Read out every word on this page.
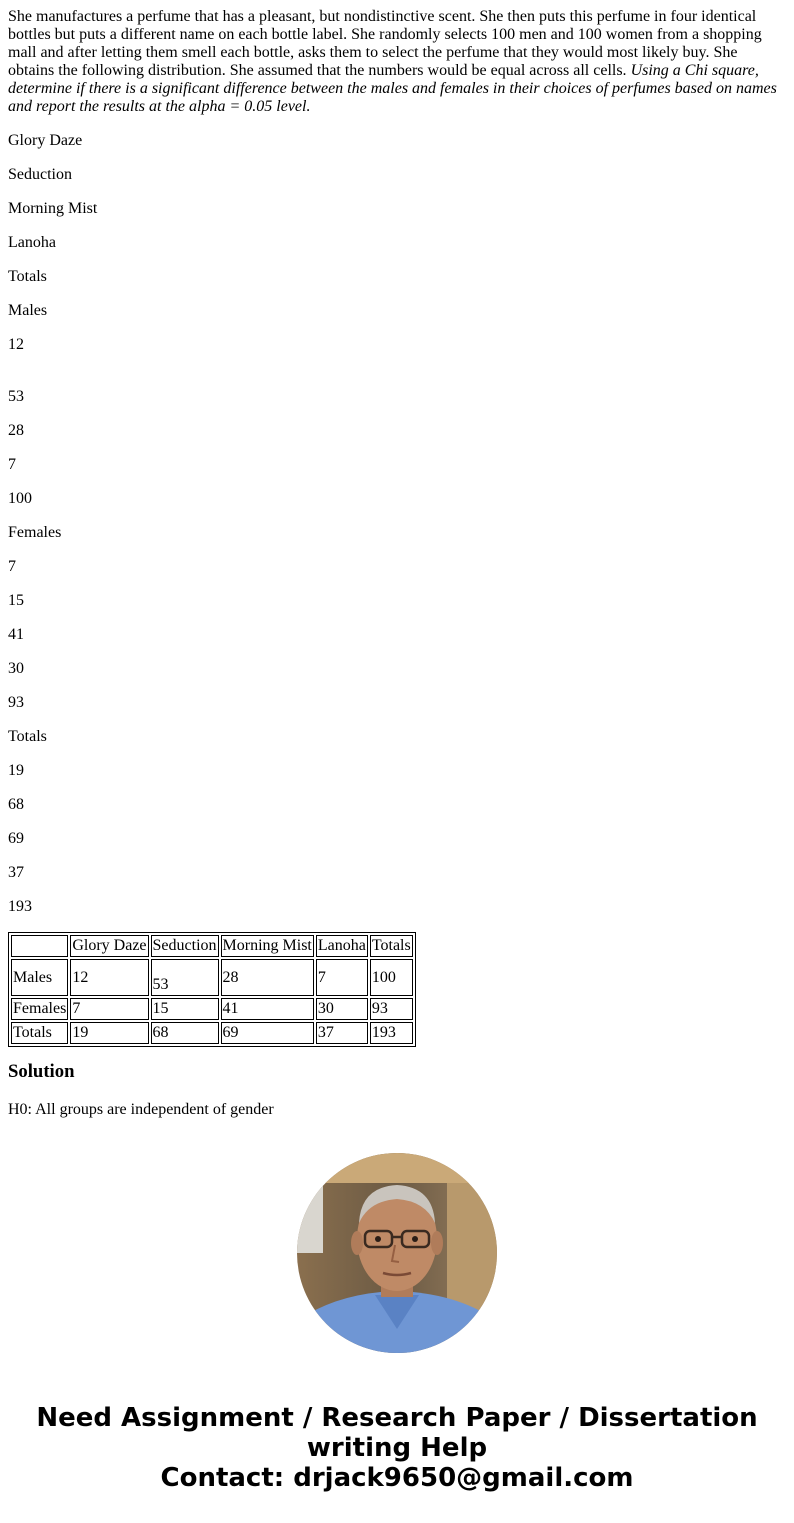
She manufactures a perfume that has a pleasant, but nondistinctive scent. She then puts this perfume in four identical bottles but puts a different name on each bottle label. She randomly selects 100 men and 100 women from a shopping mall and after letting them smell each bottle, asks them to select the perfume that they would most likely buy. She obtains the following distribution. She assumed that the numbers would be equal across all cells. Using a Chi square, determine if there is a significant difference between the males and females in their choices of perfumes based on names and report the results at the alpha = 0.05 level.

Glory Daze

Seduction

Morning Mist

Lanoha

Totals

Males

12

53

28

7

100

Females

7

15

41

30

93

Totals

19

68

69

37

193

	Glory Daze	Seduction	Morning Mist	Lanoha	Totals
Males	12	53	28	7	100
Females	7	15	41	30	93
Totals	19	68	69	37	193
Solution

H0: All groups are independent of gender

Need Assignment / Research Paper / Dissertation
writing Help
Contact: drjack9650@gmail.com
